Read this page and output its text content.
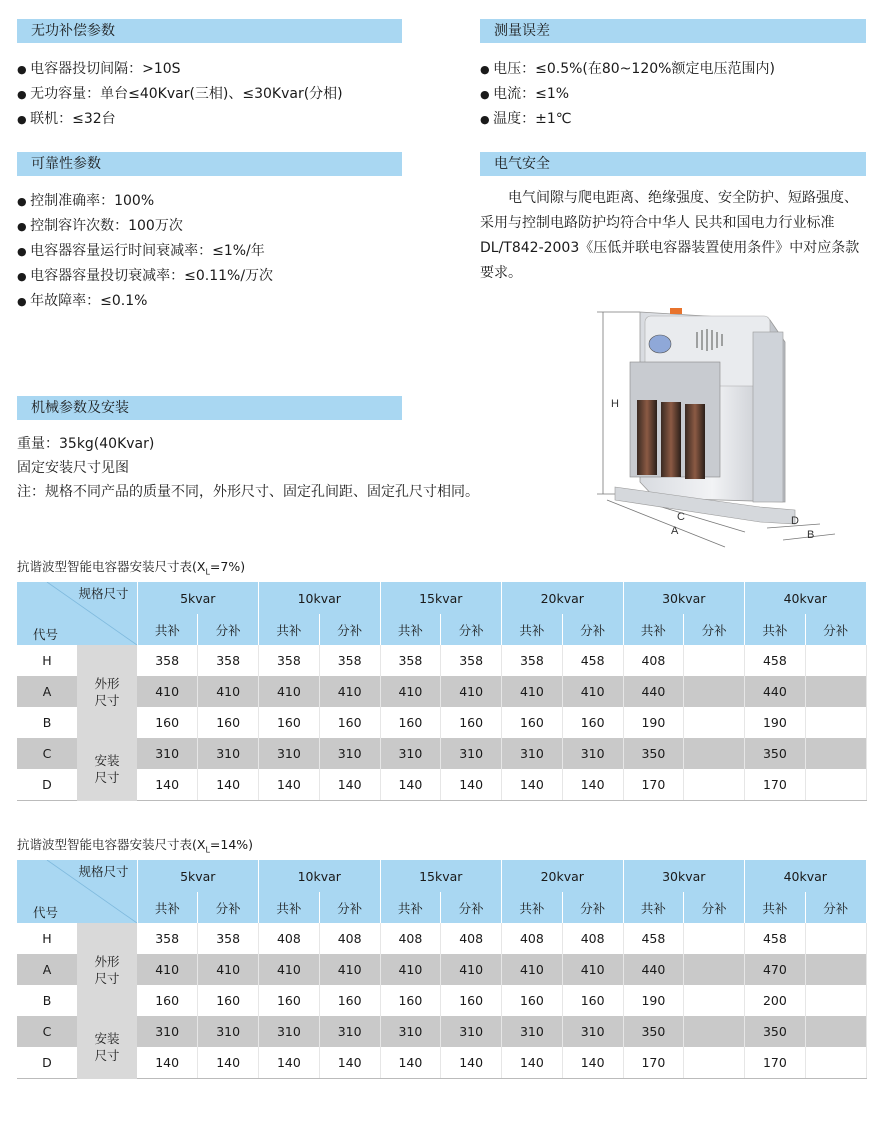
无功补偿参数
● 电容器投切间隔：>10S
● 无功容量：单台≤40Kvar(三相)、≤30Kvar(分相)
● 联机：≤32台
测量误差
● 电压：≤0.5%(在80~120%额定电压范围内)
● 电流：≤1%
● 温度：±1℃
可靠性参数
● 控制准确率：100%
● 控制容许次数：100万次
● 电容器容量运行时间衰减率：≤1%/年
● 电容器容量投切衰减率：≤0.11%/万次
● 年故障率：≤0.1%
电气安全
电气间隙与爬电距离、绝缘强度、安全防护、短路强度、采用与控制电路防护均符合中华人 民共和国电力行业标准DL/T842-2003《压低并联电容器装置使用条件》中对应条款要求。
机械参数及安装
重量：35kg(40Kvar)
固定安装尺寸见图
注：规格不同产品的质量不同，外形尺寸、固定孔间距、固定孔尺寸相同。
H
C
A
D
B
抗谐波型智能电容器安装尺寸表$(X_L=7\%)$
规格尺寸
代号		5kvar		10kvar		15kvar		20kvar		30kvar		40kvar	
		共补	分补	共补	分补	共补	分补	共补	分补	共补	分补	共补	分补
H	外形尺寸	358	358	358	358	358	358	358	458	408		458	
A		410	410	410	410	410	410	410	410	440		440	
B		160	160	160	160	160	160	160	160	190		190	
C	安装尺寸	310	310	310	310	310	310	310	310	350		350	
D		140	140	140	140	140	140	140	140	170		170	
抗谐波型智能电容器安装尺寸表$(X_L=14\%)$
规格尺寸
代号		5kvar		10kvar		15kvar		20kvar		30kvar		40kvar	
		共补	分补	共补	分补	共补	分补	共补	分补	共补	分补	共补	分补
H	外形尺寸	358	358	408	408	408	408	408	408	458		458	
A		410	410	410	410	410	410	410	410	440		470	
B		160	160	160	160	160	160	160	160	190		200	
C	安装尺寸	310	310	310	310	310	310	310	310	350		350	
D		140	140	140	140	140	140	140	140	170		170	
